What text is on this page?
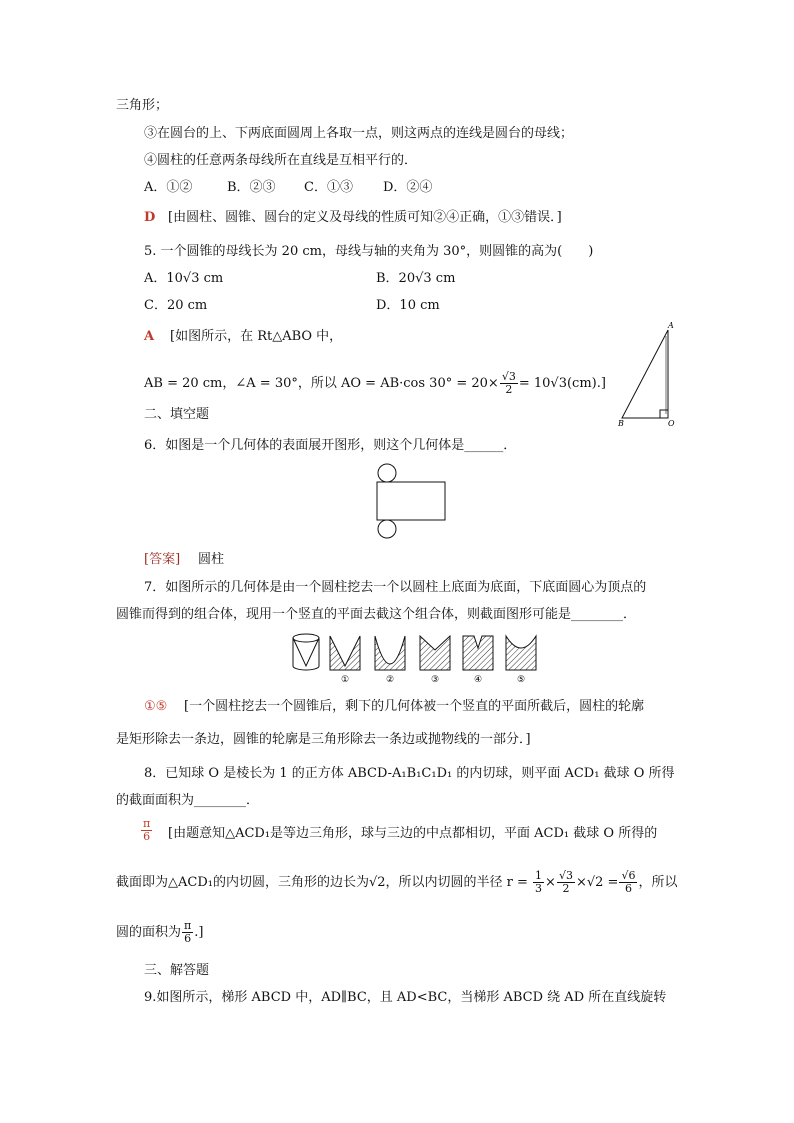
三角形；
③在圆台的上、下两底面圆周上各取一点，则这两点的连线是圆台的母线；
④圆柱的任意两条母线所在直线是互相平行的．
A．①②	B．②③ C．①③ D．②④
D [由圆柱、圆锥、圆台的定义及母线的性质可知②④正确，①③错误．]
5. 一个圆锥的母线长为 20 cm，母线与轴的夹角为 30°，则圆锥的高为(　　)
A．10√3 cm	B．20√3 cm
C．20 cm	D．10 cm
A [如图所示，在 Rt△ABO 中，
AB = 20 cm，∠A = 30°，所以 AO = AB·cos $30^\circ = 20\times \frac{√3}{2} = 10√3(cm)$.]
A
B	O
二、填空题
6．如图是一个几何体的表面展开图形，则这个几何体是______．
[答案] 圆柱
7．如图所示的几何体是由一个圆柱挖去一个以圆柱上底面为底面，下底面圆心为顶点的
圆锥而得到的组合体，现用一个竖直的平面去截这个组合体，则截面图形可能是________．
①	②	③	④	⑤
①⑤ [一个圆柱挖去一个圆锥后，剩下的几何体被一个竖直的平面所截后，圆柱的轮廓
是矩形除去一条边，圆锥的轮廓是三角形除去一条边或抛物线的一部分．]
8．已知球 O 是棱长为 1 的正方体 ABCD-A₁B₁C₁D₁ 的内切球，则平面 ACD₁ 截球 O 所得
的截面面积为________．
$\frac{\pi}{6}$ [由题意知△ACD₁是等边三角形，球与三边的中点都相切，平面 ACD₁ 截球 O 所得的
截面即为△ACD₁的内切圆，三角形的边长为√2，所以内切圆的半径 $r = \frac{1}{3} \times \frac{√3}{2} \times√2 = \frac{√6}{6}$ ，所以
圆的面积为 $\frac{\pi}{6}$ .]
三、解答题
9.如图所示，梯形 ABCD 中，AD∥BC，且 AD<BC，当梯形 ABCD 绕 AD 所在直线旋转
